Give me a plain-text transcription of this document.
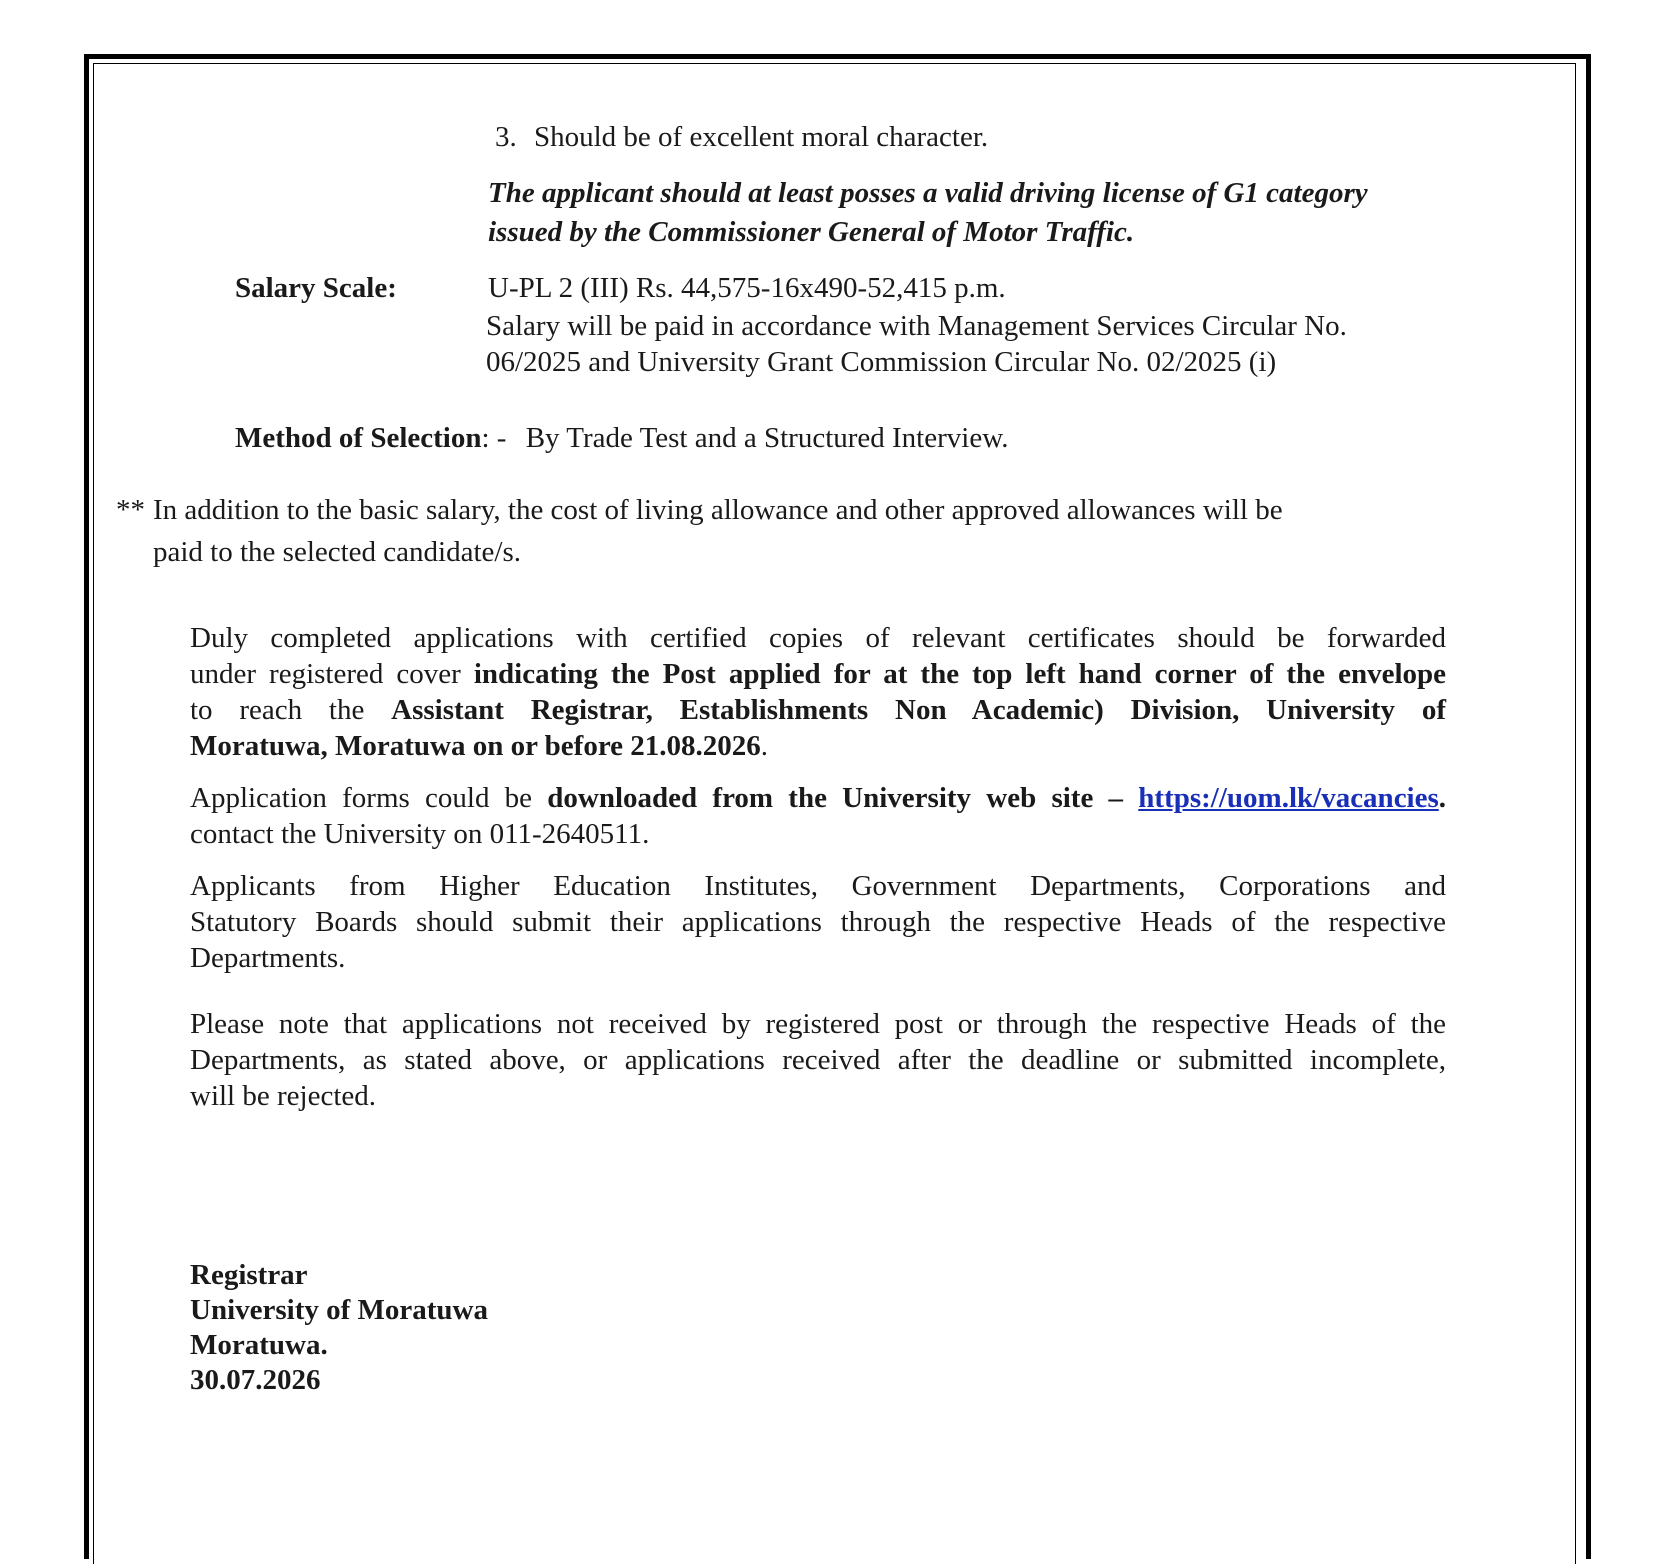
3. Should be of excellent moral character.
The applicant should at least posses a valid driving license of G1 category
issued by the Commissioner General of Motor Traffic.
Salary Scale:	U-PL 2 (III) Rs. 44,575-16x490-52,415 p.m.
Salary will be paid in accordance with Management Services Circular No.
06/2025 and University Grant Commission Circular No. 02/2025 (i)
Method of Selection: - By Trade Test and a Structured Interview.
** In addition to the basic salary, the cost of living allowance and other approved allowances will be
paid to the selected candidate/s.
Duly completed applications with certified copies of relevant certificates should be forwarded
under registered cover indicating the Post applied for at the top left hand corner of the envelope
to reach the Assistant Registrar, Establishments Non Academic) Division, University of
Moratuwa, Moratuwa on or before 21.08.2026.
Application forms could be downloaded from the University web site – https://uom.lk/vacancies.
contact the University on 011-2640511.
Applicants from Higher Education Institutes, Government Departments, Corporations and
Statutory Boards should submit their applications through the respective Heads of the respective
Departments.
Please note that applications not received by registered post or through the respective Heads of the
Departments, as stated above, or applications received after the deadline or submitted incomplete,
will be rejected.
Registrar
University of Moratuwa
Moratuwa.
30.07.2026
